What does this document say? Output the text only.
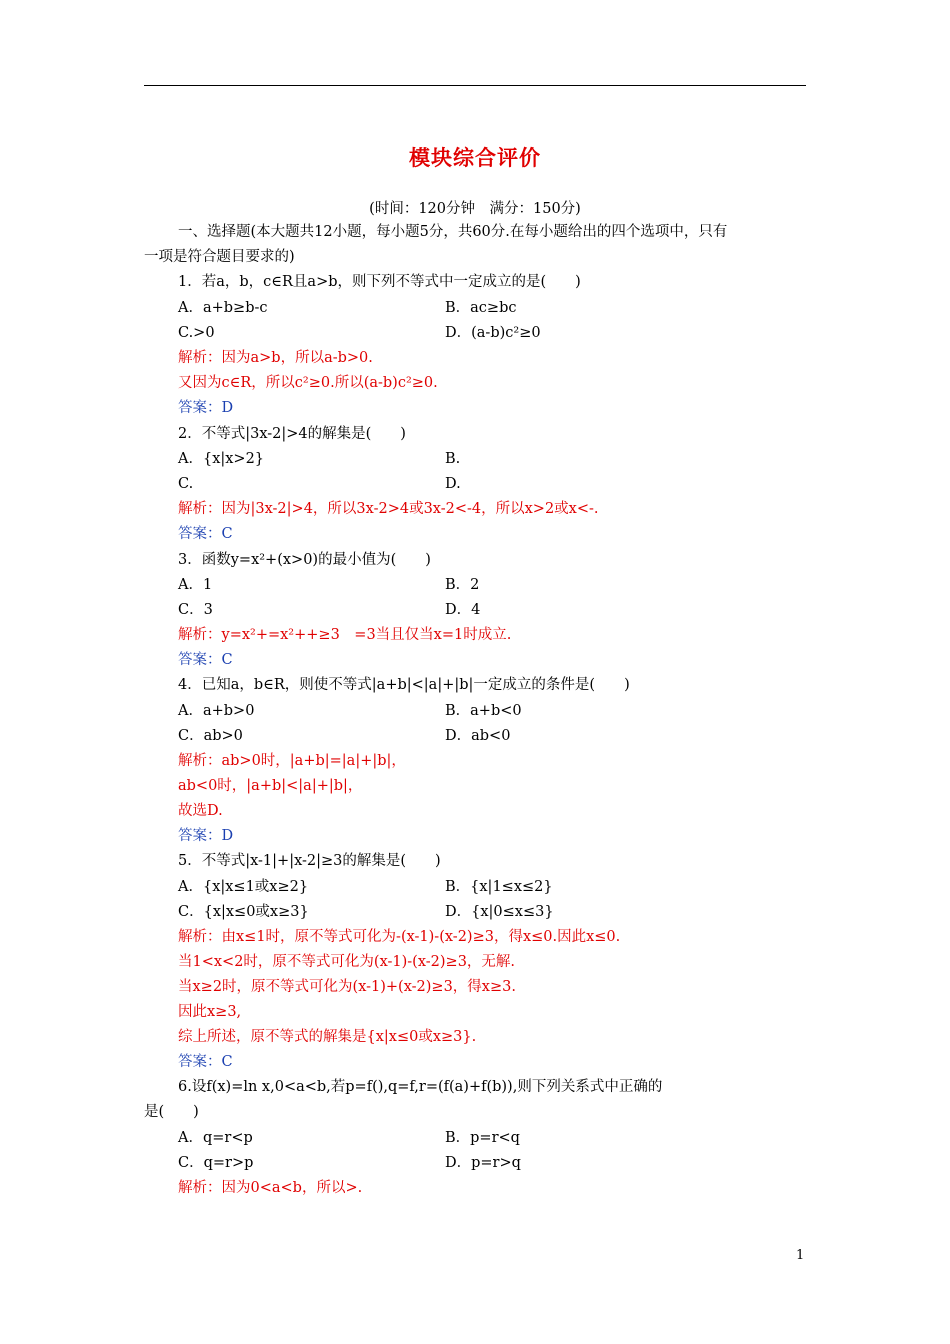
模块综合评价
(时间：120分钟　满分：150分)
一、选择题(本大题共12小题，每小题5分，共60分.在每小题给出的四个选项中，只有
一项是符合题目要求的)
1．若a，b，c∈R且a>b，则下列不等式中一定成立的是(　　)
A．a+b≥b-c	B．ac≥bc
C.>0	D．(a-b)c²≥0
解析：因为a>b，所以a-b>0.
又因为c∈R，所以c²≥0.所以(a-b)c²≥0.
答案：D
2．不等式|3x-2|>4的解集是(　　)
A．{x|x>2}	B.
C.	D.
解析：因为|3x-2|>4，所以3x-2>4或3x-2<-4，所以x>2或x<-.
答案：C
3．函数y=x²+(x>0)的最小值为(　　)
A．1	B．2
C．3	D．4
解析：y=x²+=x²++≥3　=3当且仅当x=1时成立.
答案：C
4．已知a，b∈R，则使不等式|a+b|<|a|+|b|一定成立的条件是(　　)
A．a+b>0	B．a+b<0
C．ab>0	D．ab<0
解析：ab>0时，|a+b|=|a|+|b|，
ab<0时，|a+b|<|a|+|b|，
故选D.
答案：D
5．不等式|x-1|+|x-2|≥3的解集是(　　)
A．{x|x≤1或x≥2}	B．{x|1≤x≤2}
C．{x|x≤0或x≥3}	D．{x|0≤x≤3}
解析：由x≤1时，原不等式可化为-(x-1)-(x-2)≥3，得x≤0.因此x≤0.
当1<x<2时，原不等式可化为(x-1)-(x-2)≥3，无解.
当x≥2时，原不等式可化为(x-1)+(x-2)≥3，得x≥3.
因此x≥3,
综上所述，原不等式的解集是{x|x≤0或x≥3}.
答案：C
6.设f(x)=ln x,0<a<b,若p=f(),q=f,r=(f(a)+f(b)),则下列关系式中正确的
是(　　)
A．q=r<p	B．p=r<q
C．q=r>p	D．p=r>q
解析：因为0<a<b，所以>.
1
